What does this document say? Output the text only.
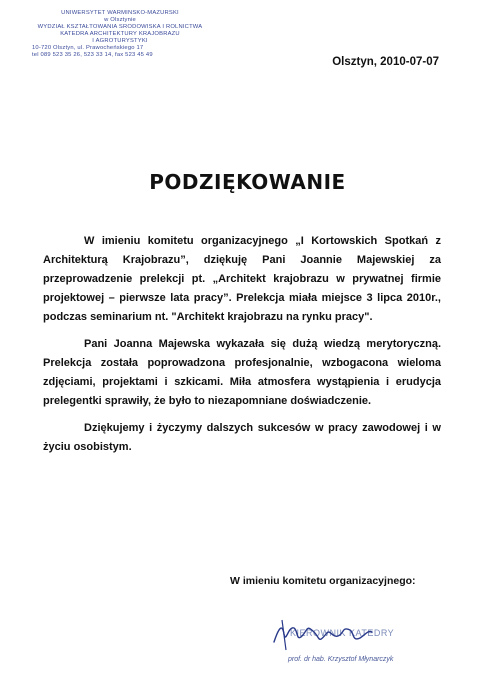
UNIWERSYTET WARMIŃSKO-MAZURSKI
w Olsztynie
WYDZIAŁ KSZTAŁTOWANIA ŚRODOWISKA I ROLNICTWA
KATEDRA ARCHITEKTURY KRAJOBRAZU
I AGROTURYSTYKI
10-720 Olsztyn, ul. Prawocheńskiego 17
tel 089 523 35 26, 523 33 14, fax 523 45 49
Olsztyn, 2010-07-07
PODZIĘKOWANIE

W imieniu komitetu organizacyjnego „I Kortowskich Spotkań z Architekturą Krajobrazu”, dziękuję Pani Joannie Majewskiej za przeprowadzenie prelekcji pt. „Architekt krajobrazu w prywatnej firmie projektowej – pierwsze lata pracy”. Prelekcja miała miejsce 3 lipca 2010r., podczas seminarium nt. "Architekt krajobrazu na rynku pracy".

Pani Joanna Majewska wykazała się dużą wiedzą merytoryczną. Prelekcja została poprowadzona profesjonalnie, wzbogacona wieloma zdjęciami, projektami i szkicami. Miła atmosfera wystąpienia i erudycja prelegentki sprawiły, że było to niezapomniane doświadczenie.

Dziękujemy i życzymy dalszych sukcesów w pracy zawodowej i w życiu osobistym.

W imieniu komitetu organizacyjnego:
KIEROWNIK KATEDRY
prof. dr hab. Krzysztof Młynarczyk
